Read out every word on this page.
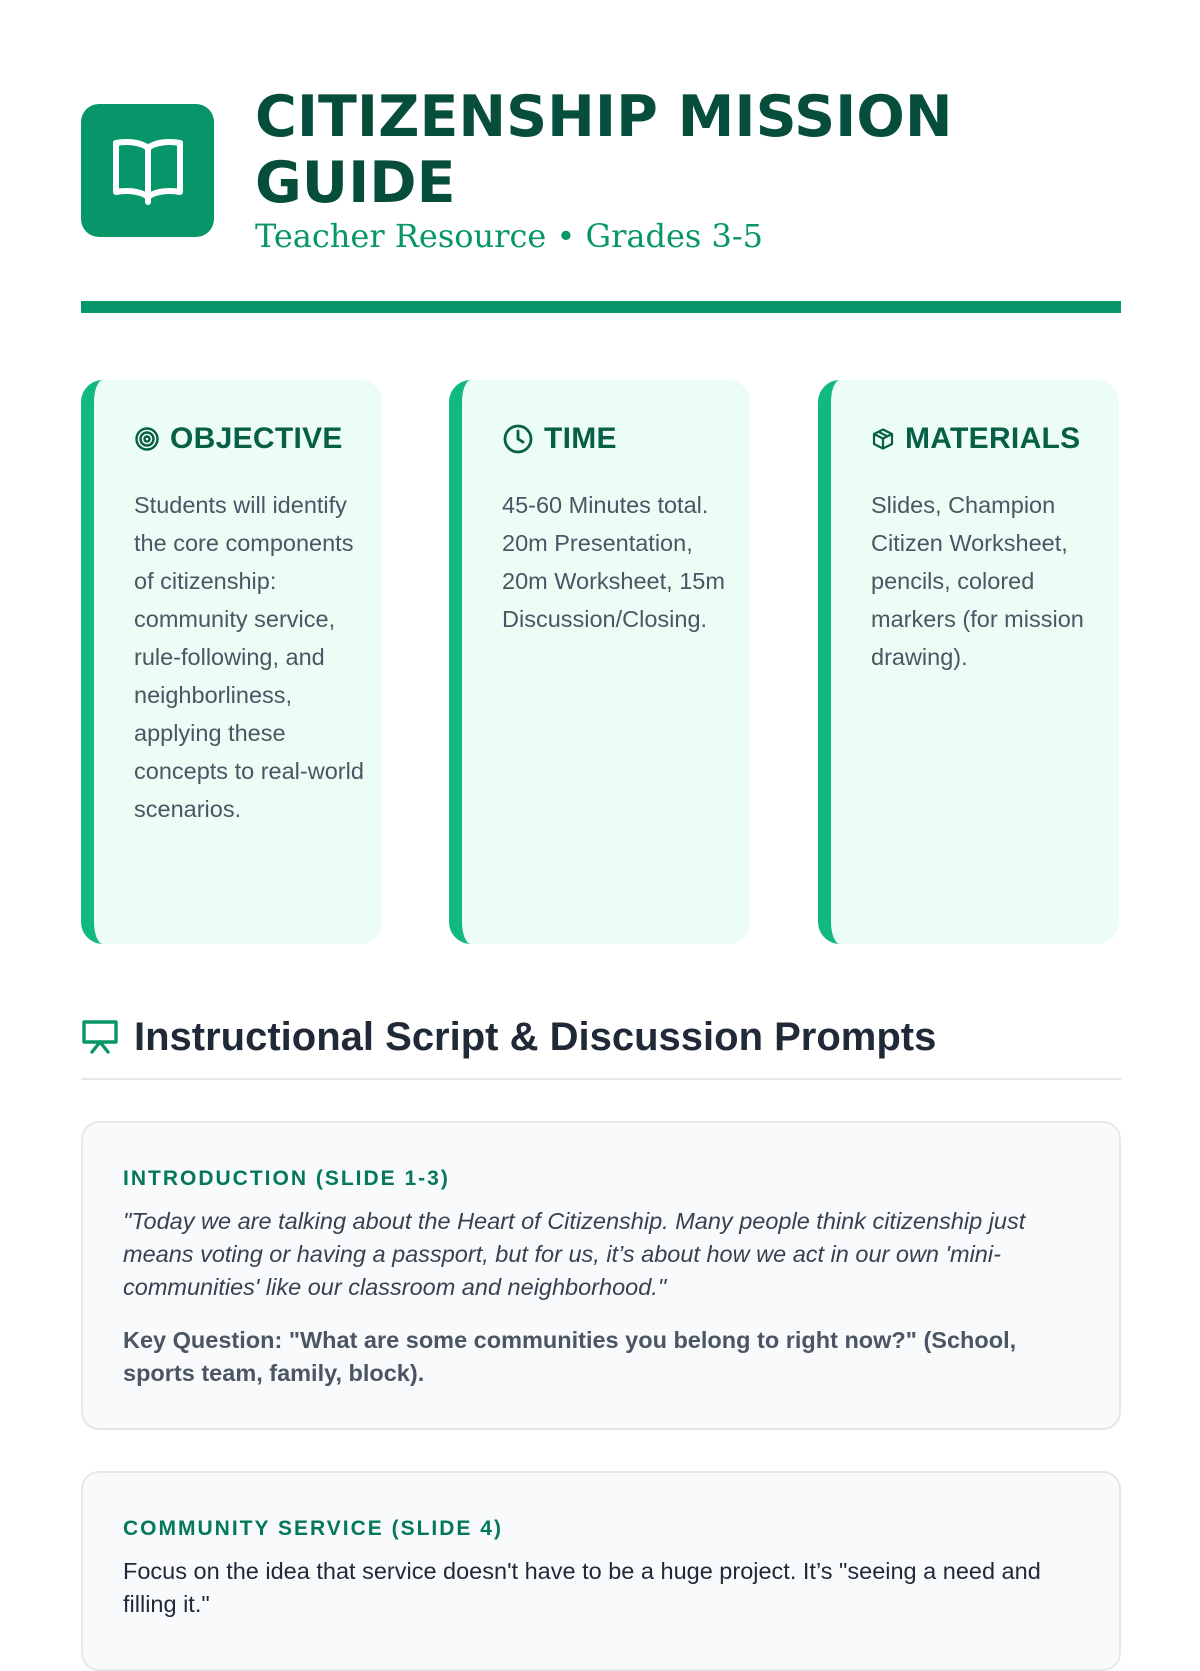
CITIZENSHIP MISSION GUIDE

Teacher Resource • Grades 3-5

OBJECTIVE
Students will identify the core components of citizenship: community service, rule-following, and neighborliness, applying these concepts to real-world scenarios.
TIME
45-60 Minutes total. 20m Presentation, 20m Worksheet, 15m Discussion/Closing.
MATERIALS
Slides, Champion Citizen Worksheet, pencils, colored markers (for mission drawing).
Instructional Script & Discussion Prompts

INTRODUCTION (SLIDE 1-3)

"Today we are talking about the Heart of Citizenship. Many people think citizenship just means voting or having a passport, but for us, it’s about how we act in our own 'mini-communities' like our classroom and neighborhood."

Key Question: "What are some communities you belong to right now?" (School, sports team, family, block).

COMMUNITY SERVICE (SLIDE 4)

Focus on the idea that service doesn't have to be a huge project. It’s "seeing a need and filling it."
